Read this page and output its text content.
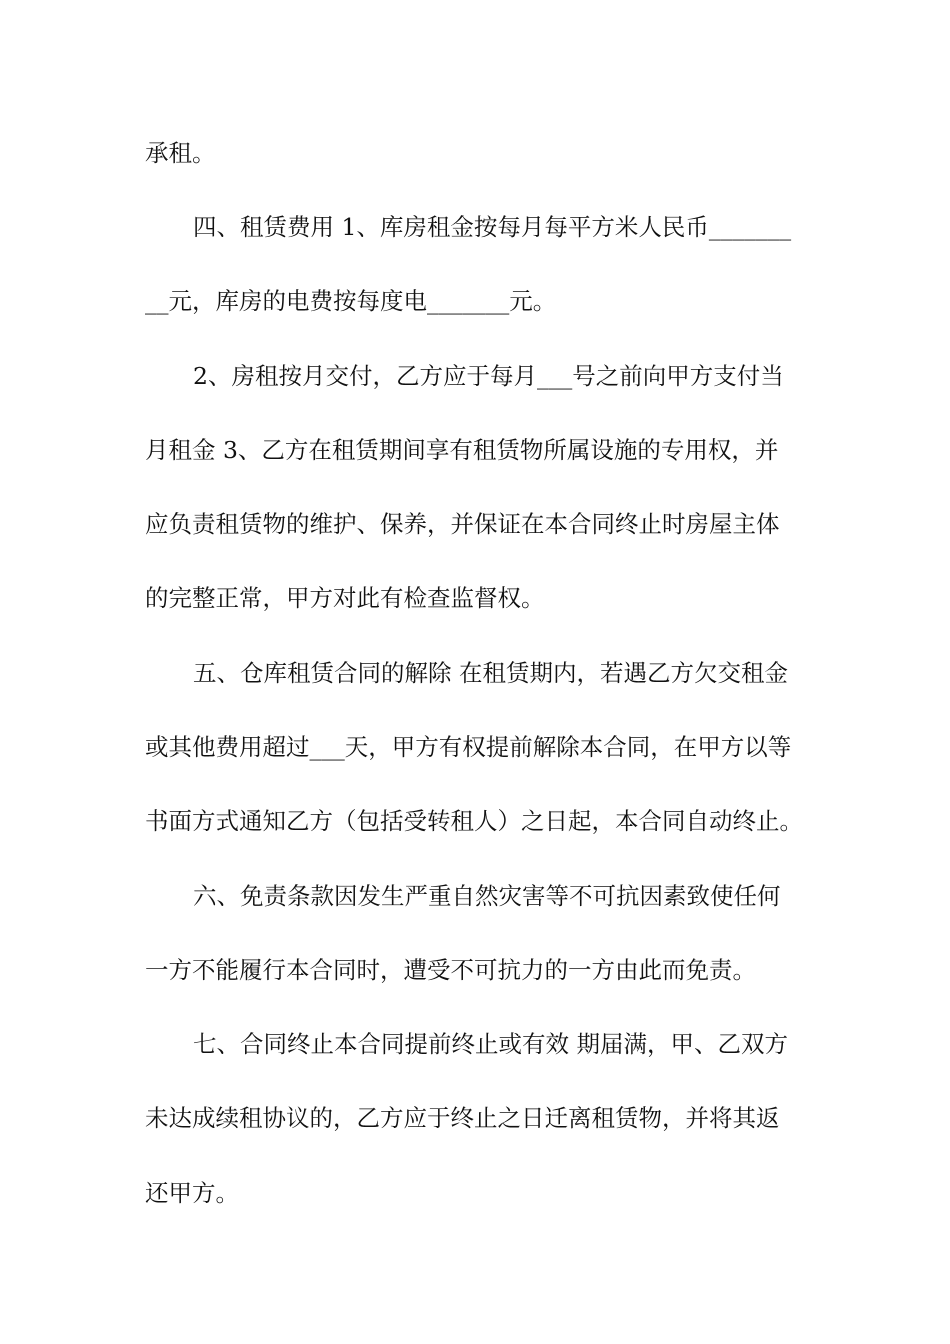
承租。
四、租赁费用 1、库房租金按每月每平方米人民币_______
__元，库房的电费按每度电_______元。
2、房租按月交付，乙方应于每月___号之前向甲方支付当
月租金 3、乙方在租赁期间享有租赁物所属设施的专用权，并
应负责租赁物的维护、保养，并保证在本合同终止时房屋主体
的完整正常，甲方对此有检查监督权。
五、仓库租赁合同的解除 在租赁期内，若遇乙方欠交租金
或其他费用超过___天，甲方有权提前解除本合同，在甲方以等
书面方式通知乙方（包括受转租人）之日起，本合同自动终止。
六、免责条款因发生严重自然灾害等不可抗因素致使任何
一方不能履行本合同时，遭受不可抗力的一方由此而免责。
七、合同终止本合同提前终止或有效 期届满，甲、乙双方
未达成续租协议的，乙方应于终止之日迁离租赁物，并将其返
还甲方。
